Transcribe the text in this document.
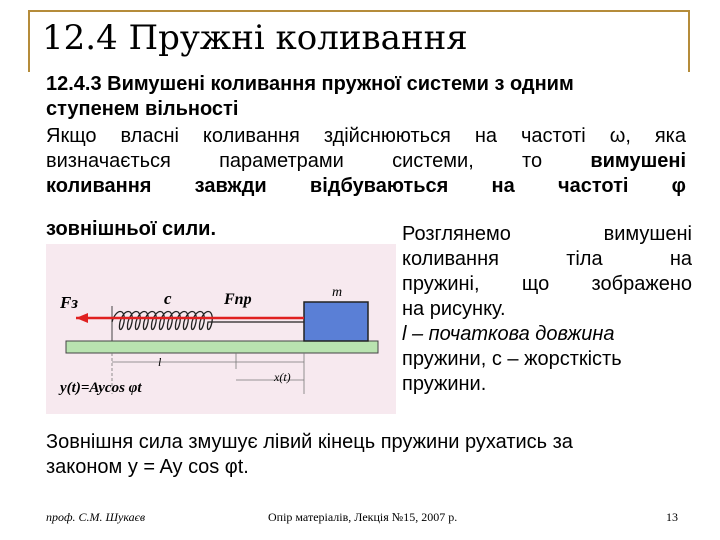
12.4 Пружні коливання
12.4.3 Вимушені коливання пружної системи з одним
ступенем вільності
Якщо власні коливання здійснюються на частоті ω, яка
визначається параметрами системи, то вимушені
коливання завжди відбуваються на частоті φ
зовнішньої сили.	Розглянемо	вимушені
коливання	тіла	на
пружині, що зображено
на рисунку.
l – початкова довжина
пружини, c – жорсткість
пружини.
Fз	c	Fпр	m
x(t)
l
y(t)=Aycos φt
Зовнішня сила змушує лівий кінець пружини рухатись за
законом y = Ay cos φt.
проф. С.М. Шукаєв	Опір матеріалів, Лекція №15, 2007 р.	13
